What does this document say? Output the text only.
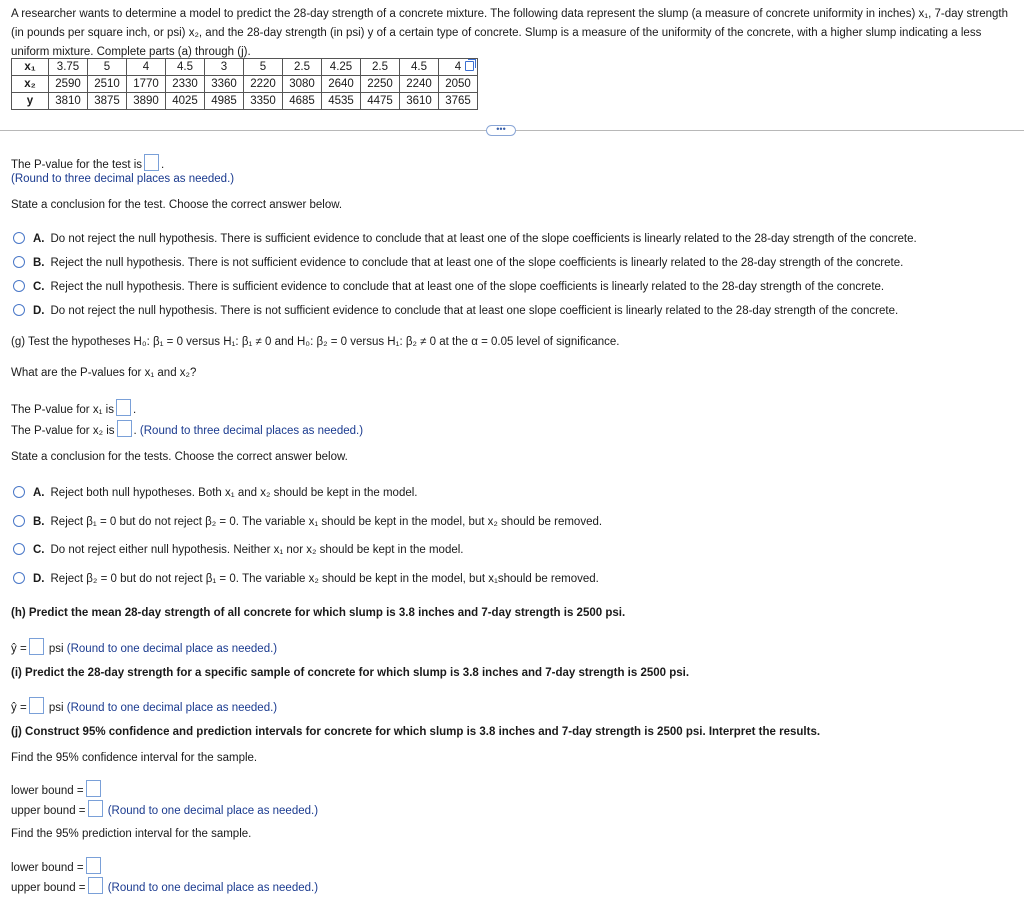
A researcher wants to determine a model to predict the 28-day strength of a concrete mixture. The following data represent the slump (a measure of concrete uniformity in inches) x₁, 7-day strength (in pounds per square inch, or psi) x₂, and the 28-day strength (in psi) y of a certain type of concrete. Slump is a measure of the uniformity of the concrete, with a higher slump indicating a less uniform mixture. Complete parts (a) through (j).
x₁	3.75	5	4	4.5	3	5	2.5	4.25	2.5	4.5	4
x₂	2590	2510	1770	2330	3360	2220	3080	2640	2250	2240	2050
y	3810	3875	3890	4025	4985	3350	4685	4535	4475	3610	3765
•••
The P-value for the test is .
(Round to three decimal places as needed.)
State a conclusion for the test. Choose the correct answer below.
A. Do not reject the null hypothesis. There is sufficient evidence to conclude that at least one of the slope coefficients is linearly related to the 28-day strength of the concrete.
B. Reject the null hypothesis. There is not sufficient evidence to conclude that at least one of the slope coefficients is linearly related to the 28-day strength of the concrete.
C. Reject the null hypothesis. There is sufficient evidence to conclude that at least one of the slope coefficients is linearly related to the 28-day strength of the concrete.
D. Do not reject the null hypothesis. There is not sufficient evidence to conclude that at least one slope coefficient is linearly related to the 28-day strength of the concrete.
(g) Test the hypotheses H₀: β₁ = 0 versus H₁: β₁ ≠ 0 and H₀: β₂ = 0 versus H₁: β₂ ≠ 0 at the α = 0.05 level of significance.
What are the P-values for x₁ and x₂?
The P-value for x₁ is .
The P-value for x₂ is . (Round to three decimal places as needed.)
State a conclusion for the tests. Choose the correct answer below.
A. Reject both null hypotheses. Both x₁ and x₂ should be kept in the model.
B. Reject β₁ = 0 but do not reject β₂ = 0. The variable x₁ should be kept in the model, but x₂ should be removed.
C. Do not reject either null hypothesis. Neither x₁ nor x₂ should be kept in the model.
D. Reject β₂ = 0 but do not reject β₁ = 0. The variable x₂ should be kept in the model, but x₁should be removed.
(h) Predict the mean 28-day strength of all concrete for which slump is 3.8 inches and 7-day strength is 2500 psi.
ŷ = psi (Round to one decimal place as needed.)
(i) Predict the 28-day strength for a specific sample of concrete for which slump is 3.8 inches and 7-day strength is 2500 psi.
ŷ = psi (Round to one decimal place as needed.)
(j) Construct 95% confidence and prediction intervals for concrete for which slump is 3.8 inches and 7-day strength is 2500 psi. Interpret the results.
Find the 95% confidence interval for the sample.
lower bound =
upper bound = (Round to one decimal place as needed.)
Find the 95% prediction interval for the sample.
lower bound =
upper bound = (Round to one decimal place as needed.)
